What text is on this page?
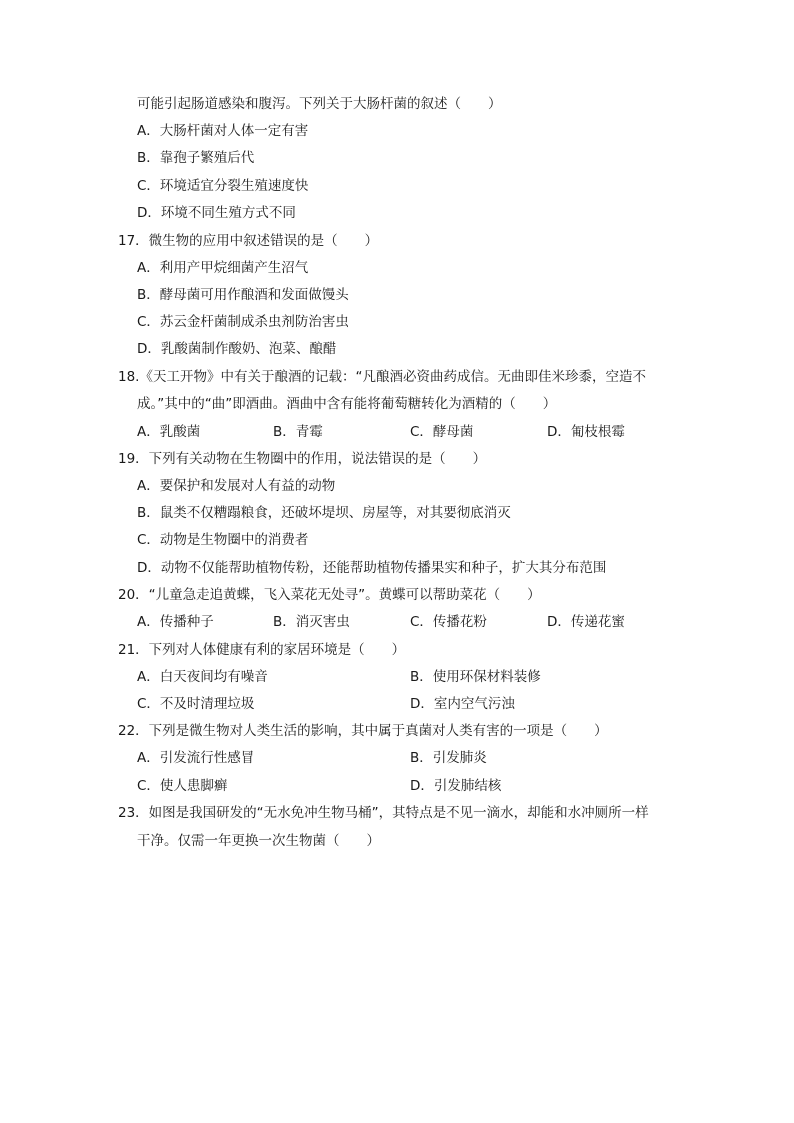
可能引起肠道感染和腹泻。下列关于大肠杆菌的叙述（　　）
A．大肠杆菌对人体一定有害
B．靠孢子繁殖后代
C．环境适宜分裂生殖速度快
D．环境不同生殖方式不同
17．微生物的应用中叙述错误的是（　　）
A．利用产甲烷细菌产生沼气
B．酵母菌可用作酿酒和发面做馒头
C．苏云金杆菌制成杀虫剂防治害虫
D．乳酸菌制作酸奶、泡菜、酿醋
18.《天工开物》中有关于酿酒的记载：“凡酿酒必资曲药成信。无曲即佳米珍黍，空造不
成。”其中的“曲”即酒曲。酒曲中含有能将葡萄糖转化为酒精的（　　）
A．乳酸菌	B．青霉	C．酵母菌	D．匍枝根霉
19．下列有关动物在生物圈中的作用，说法错误的是（　　）
A．要保护和发展对人有益的动物
B．鼠类不仅糟蹋粮食，还破坏堤坝、房屋等，对其要彻底消灭
C．动物是生物圈中的消费者
D．动物不仅能帮助植物传粉，还能帮助植物传播果实和种子，扩大其分布范围
20．“儿童急走追黄蝶，飞入菜花无处寻”。黄蝶可以帮助菜花（　　）
A．传播种子	B．消灭害虫	C．传播花粉	D．传递花蜜
21．下列对人体健康有利的家居环境是（　　）
A．白天夜间均有噪音	B．使用环保材料装修
C．不及时清理垃圾	D．室内空气污浊
22．下列是微生物对人类生活的影响，其中属于真菌对人类有害的一项是（　　）
A．引发流行性感冒	B．引发肺炎
C．使人患脚癣	D．引发肺结核
23．如图是我国研发的“无水免冲生物马桶”，其特点是不见一滴水，却能和水冲厕所一样
干净。仅需一年更换一次生物菌（　　）
